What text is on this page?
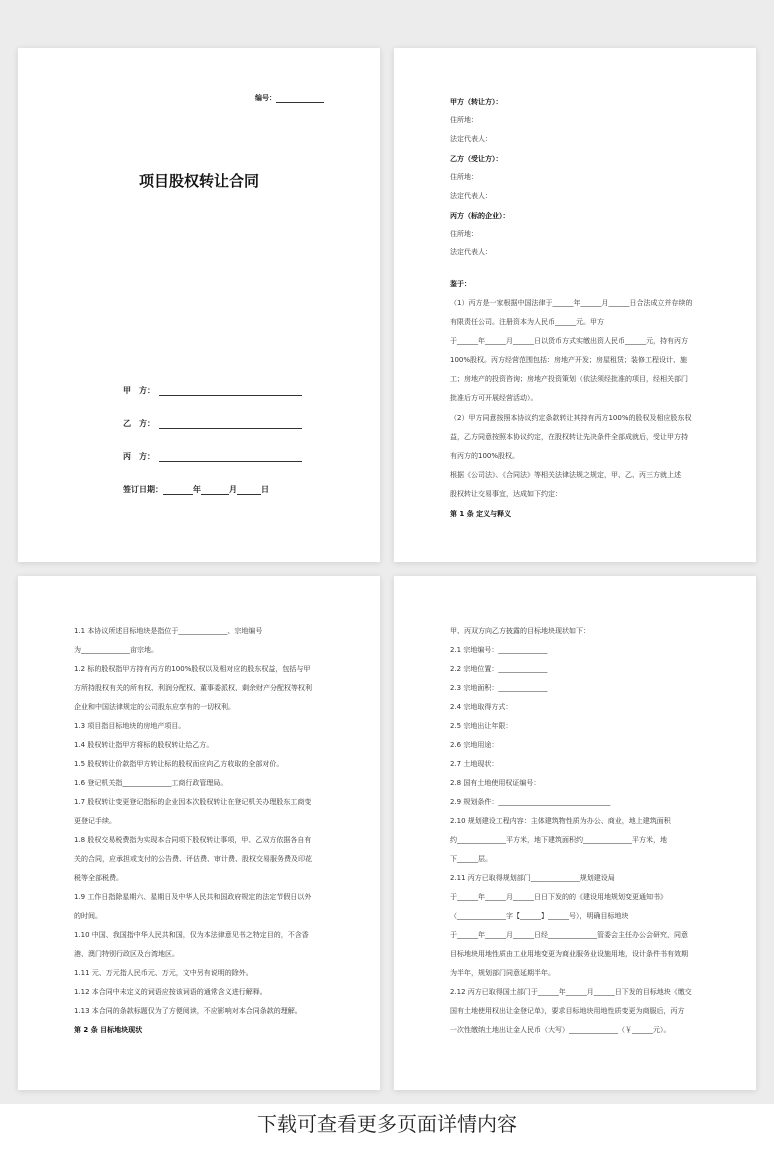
编号：
项目股权转让合同
甲　方：
乙　方：
丙　方：
签订日期：	年	月	日
甲方（转让方）：
住所地：
法定代表人：
乙方（受让方）：
住所地：
法定代表人：
丙方（标的企业）：
住所地：
法定代表人：
鉴于：
（1）丙方是一家根据中国法律于______年______月______日合法成立并存续的
有限责任公司。注册资本为人民币______元。甲方
于______年______月______日以货币方式实缴出资人民币______元，持有丙方
100%股权。丙方经营范围包括：房地产开发；房屋租赁；装修工程设计、施
工；房地产的投资咨询；房地产投资策划（依法须经批准的项目，经相关部门
批准后方可开展经营活动）。
（2）甲方同意按照本协议约定条款转让其持有丙方100%的股权及相应股东权
益，乙方同意按照本协议约定，在股权转让先决条件全部成就后，受让甲方持
有丙方的100%股权。
根据《公司法》、《合同法》等相关法律法规之规定，甲、乙、丙三方就上述
股权转让交易事宜，达成如下约定：
第 1 条 定义与释义
1.1 本协议所述目标地块是指位于______________、宗地编号
为______________亩宗地。
1.2 标的股权指甲方持有丙方的100%股权以及相对应的股东权益，包括与甲
方所持股权有关的所有权、利润分配权、董事委派权、剩余财产分配权等权利
企业和中国法律规定的公司股东应享有的一切权利。
1.3 项目指目标地块的房地产项目。
1.4 股权转让指甲方将标的股权转让给乙方。
1.5 股权转让价款指甲方转让标的股权而应向乙方收取的全部对价。
1.6 登记机关指______________工商行政管理局。
1.7 股权转让变更登记指标的企业因本次股权转让在登记机关办理股东工商变
更登记手续。
1.8 股权交易税费指为实现本合同项下股权转让事项，甲、乙双方依据各自有
关的合同，应承担或支付的公告费、评估费、审计费、股权交易服务费及印花
税等全部税费。
1.9 工作日指除星期六、星期日及中华人民共和国政府规定的法定节假日以外
的时间。
1.10 中国、我国指中华人民共和国，仅为本法律意见书之特定目的，不含香
港、澳门特别行政区及台湾地区。
1.11 元、万元指人民币元、万元，文中另有说明的除外。
1.12 本合同中未定义的词语应按该词语的通常含义进行解释。
1.13 本合同的条款标题仅为了方便阅读，不应影响对本合同条款的理解。
第 2 条 目标地块现状
甲、丙双方向乙方披露的目标地块现状如下：
2.1 宗地编号：______________
2.2 宗地位置：______________
2.3 宗地面积：______________
2.4 宗地取得方式：
2.5 宗地出让年限：
2.6 宗地用途：
2.7 土地现状：
2.8 国有土地使用权证编号：
2.9 规划条件：________________________________
2.10 规划建设工程内容：主体建筑物性质为办公、商业，地上建筑面积
约______________平方米，地下建筑面积约______________平方米，地
下______层。
2.11 丙方已取得规划部门______________规划建设局
于______年______月______日日下发的的《建设用地规划变更通知书》
（______________字【______】______号），明确目标地块
于______年______月______日经______________管委会主任办公会研究，同意
目标地块用地性质由工业用地变更为商业服务业设施用地，设计条件书有效期
为半年，规划部门同意延期半年。
2.12 丙方已取得国土部门于______年______月______日下发的目标地块《缴交
国有土地使用权出让金登记单》，要求目标地块用地性质变更为商服后，丙方
一次性缴纳土地出让金人民币（大写）______________（￥______元）。
下载可查看更多页面详情内容
